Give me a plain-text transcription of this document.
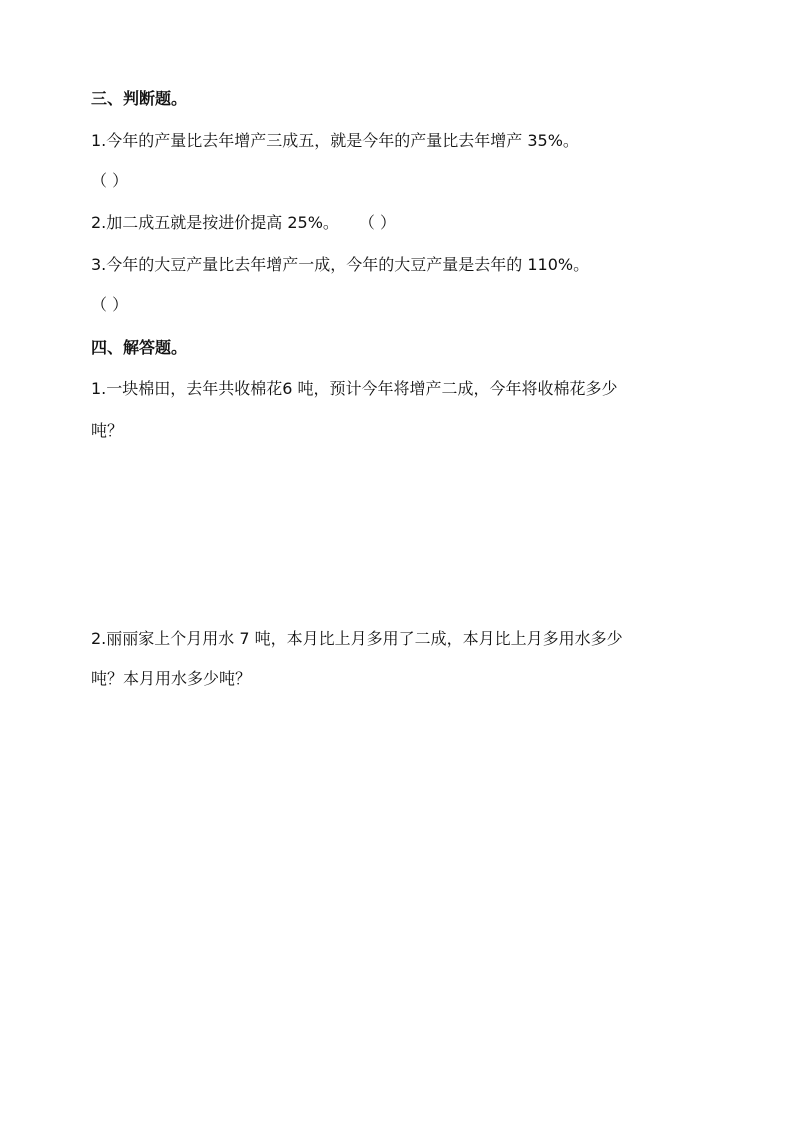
三、判断题。
1.今年的产量比去年增产三成五，就是今年的产量比去年增产 35%。
（ ）
2.加二成五就是按进价提高 25%。 （ ）
3.今年的大豆产量比去年增产一成，今年的大豆产量是去年的 110%。
（ ）
四、解答题。
1.一块棉田，去年共收棉花6 吨，预计今年将增产二成，今年将收棉花多少
吨？
2.丽丽家上个月用水 7 吨，本月比上月多用了二成，本月比上月多用水多少
吨？本月用水多少吨？
